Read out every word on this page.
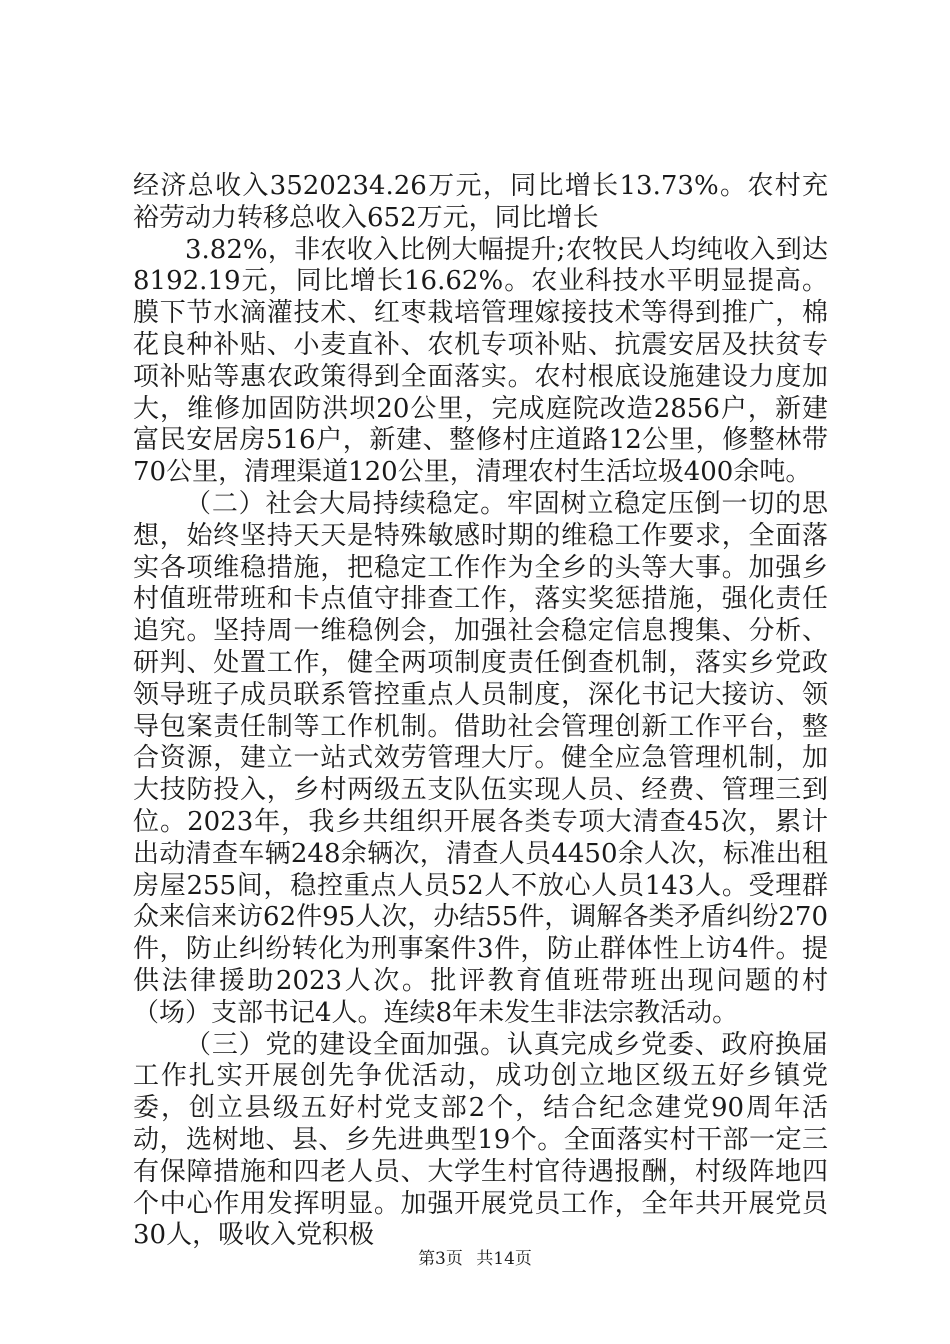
经济总收入3520234.26万元，同比增长13.73%。农村充裕劳动力转移总收入652万元，同比增长

3.82%，非农收入比例大幅提升;农牧民人均纯收入到达8192.19元，同比增长16.62%。农业科技水平明显提高。膜下节水滴灌技术、红枣栽培管理嫁接技术等得到推广，棉花良种补贴、小麦直补、农机专项补贴、抗震安居及扶贫专项补贴等惠农政策得到全面落实。农村根底设施建设力度加大，维修加固防洪坝20公里，完成庭院改造2856户，新建富民安居房516户，新建、整修村庄道路12公里，修整林带70公里，清理渠道120公里，清理农村生活垃圾400余吨。

（二）社会大局持续稳定。牢固树立稳定压倒一切的思想，始终坚持天天是特殊敏感时期的维稳工作要求，全面落实各项维稳措施，把稳定工作作为全乡的头等大事。加强乡村值班带班和卡点值守排查工作，落实奖惩措施，强化责任追究。坚持周一维稳例会，加强社会稳定信息搜集、分析、研判、处置工作，健全两项制度责任倒查机制，落实乡党政领导班子成员联系管控重点人员制度，深化书记大接访、领导包案责任制等工作机制。借助社会管理创新工作平台，整合资源，建立一站式效劳管理大厅。健全应急管理机制，加大技防投入，乡村两级五支队伍实现人员、经费、管理三到位。2023年，我乡共组织开展各类专项大清查45次，累计出动清查车辆248余辆次，清查人员4450余人次，标准出租房屋255间，稳控重点人员52人不放心人员143人。受理群众来信来访62件95人次，办结55件，调解各类矛盾纠纷270件，防止纠纷转化为刑事案件3件，防止群体性上访4件。提供法律援助2023人次。批评教育值班带班出现问题的村（场）支部书记4人。连续8年未发生非法宗教活动。

（三）党的建设全面加强。认真完成乡党委、政府换届工作扎实开展创先争优活动，成功创立地区级五好乡镇党委，创立县级五好村党支部2个，结合纪念建党90周年活动，选树地、县、乡先进典型19个。全面落实村干部一定三有保障措施和四老人员、大学生村官待遇报酬，村级阵地四个中心作用发挥明显。加强开展党员工作，全年共开展党员30人，吸收入党积极

第3页 共14页
